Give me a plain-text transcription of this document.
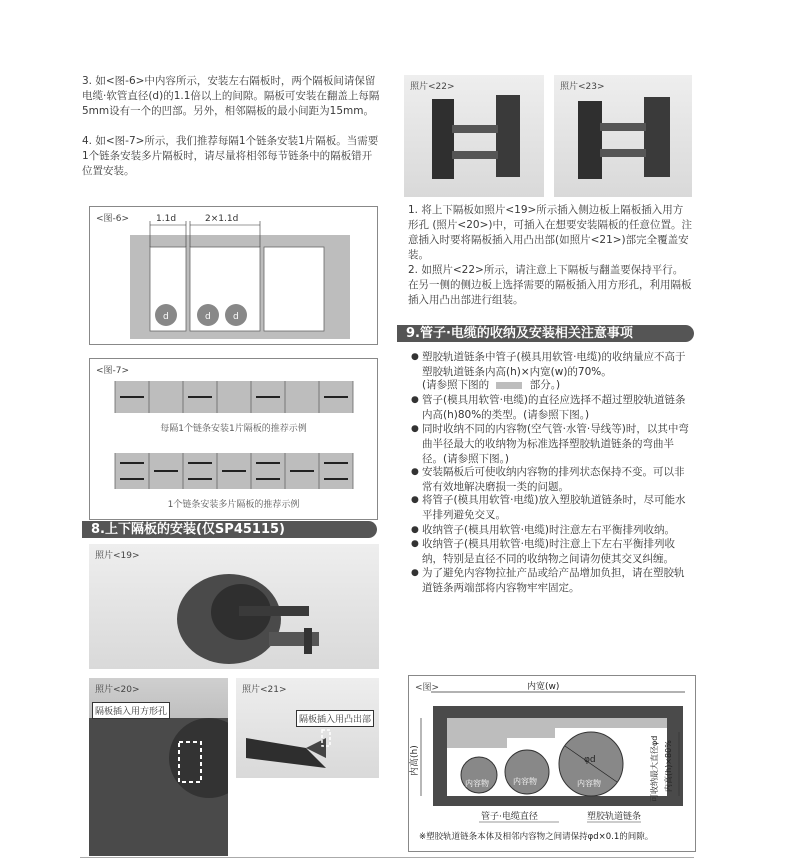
3. 如<图-6>中内容所示，安装左右隔板时，两个隔板间请保留电缆·软管直径(d)的1.1倍以上的间隙。隔板可安装在翻盖上每隔5mm设有一个的凹部。另外，相邻隔板的最小间距为15mm。

4. 如<图-7>所示，我们推荐每隔1个链条安装1片隔板。当需要1个链条安装多片隔板时，请尽量将相邻每节链条中的隔板错开位置安装。

<图-6>	1.1d	2×1.1d
d	d d
<图-7>
每隔1个链条安装1片隔板的推荐示例
1个链条安装多片隔板的推荐示例
8.上下隔板的安装(仅SP45115)
照片<19>
照片<20>
隔板插入用方形孔
照片<21>
隔板插入用凸出部
照片<22>	照片<23>

1. 将上下隔板如照片<19>所示插入侧边板上隔板插入用方形孔 (照片<20>)中，可插入在想要安装隔板的任意位置。注意插入时要将隔板插入用凸出部(如照片<21>)部完全覆盖安装。

2. 如照片<22>所示，请注意上下隔板与翻盖要保持平行。在另一侧的侧边板上选择需要的隔板插入用方形孔，利用隔板插入用凸出部进行组装。

9.管子·电缆的收纳及安装相关注意事项

● 塑胶轨道链条中管子(模具用软管·电缆)的收纳量应不高于塑胶轨道链条内高(h)×内宽(w)的70%。

(请参照下图的	部分。)

● 管子(模具用软管·电缆)的直径应选择不超过塑胶轨道链条内高(h)80%的类型。(请参照下图。)

● 同时收纳不同的内容物(空气管·水管·导线等)时，以其中弯曲半径最大的收纳物为标准选择塑胶轨道链条的弯曲半径。(请参照下图。)

● 安装隔板后可使收纳内容物的排列状态保持不变。可以非常有效地解决磨损一类的问题。

● 将管子(模具用软管·电缆)放入塑胶轨道链条时，尽可能水平排列避免交叉。

● 收纳管子(模具用软管·电缆)时注意左右平衡排列收纳。

● 收纳管子(模具用软管·电缆)时注意上下左右平衡排列收纳，特别是直径不同的收纳物之间请勿使其交叉纠缠。

● 为了避免内容物拉扯产品或给产品增加负担，请在塑胶轨道链条两端部将内容物牢牢固定。

<图>
φd
内容物	内容物	内容物
内宽(w)
内高(h)	可收纳最大直径φd 内高(h)×80%
管子·电缆直径	塑胶轨道链条
※塑胶轨道链条本体及相邻内容物之间请保持φd×0.1的间隙。
